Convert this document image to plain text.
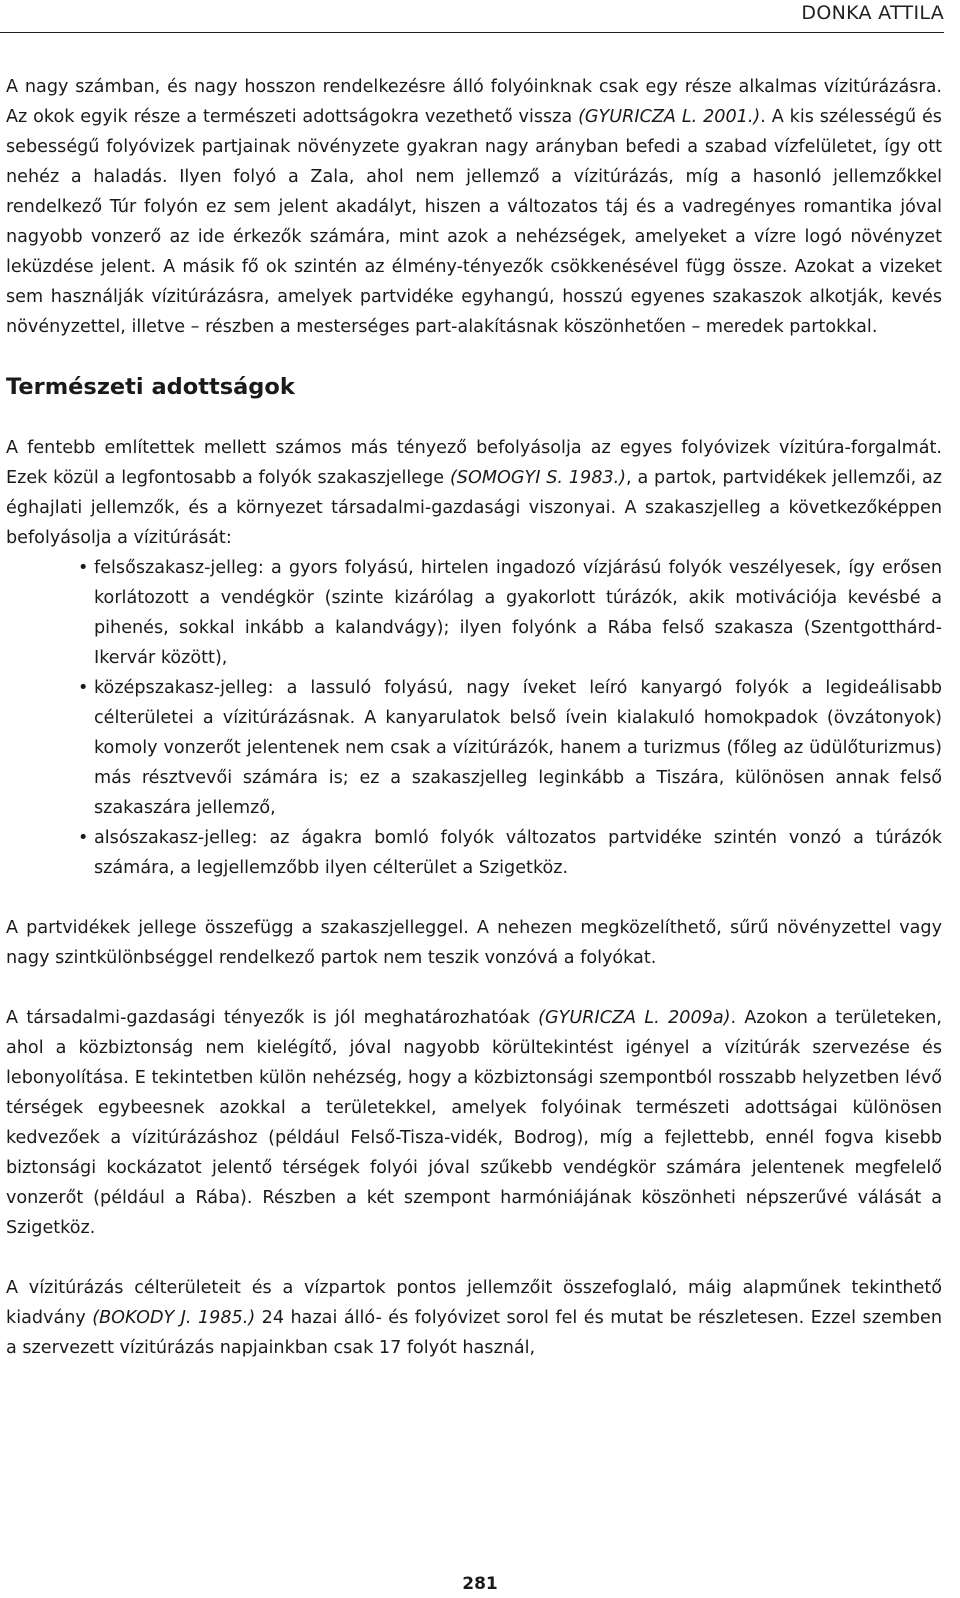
DONKA ATTILA

A nagy számban, és nagy hosszon rendelkezésre álló folyóinknak csak egy része alkalmas vízitúrázásra. Az okok egyik része a természeti adottságokra vezethető vissza (GYURICZA L. 2001.). A kis szélességű és sebességű folyóvizek partjainak növényzete gyakran nagy arányban befedi a szabad vízfelületet, így ott nehéz a haladás. Ilyen folyó a Zala, ahol nem jellemző a vízitúrázás, míg a hasonló jellemzőkkel rendelkező Túr folyón ez sem jelent akadályt, hiszen a változatos táj és a vadregényes romantika jóval nagyobb vonzerő az ide érkezők számára, mint azok a nehézségek, amelyeket a vízre logó növényzet leküzdése jelent. A másik fő ok szintén az élmény-tényezők csökkenésével függ össze. Azokat a vizeket sem használják vízitúrázásra, amelyek partvidéke egyhangú, hosszú egyenes szakaszok alkotják, kevés növényzettel, illetve – részben a mesterséges part-alakításnak köszönhetően – meredek partokkal.

Természeti adottságok

A fentebb említettek mellett számos más tényező befolyásolja az egyes folyóvizek vízitúra-forgalmát. Ezek közül a legfontosabb a folyók szakaszjellege (SOMOGYI S. 1983.), a partok, partvidékek jellemzői, az éghajlati jellemzők, és a környezet társadalmi-gazdasági viszonyai. A szakaszjelleg a következőképpen befolyásolja a vízitúrását:

• felsőszakasz-jelleg: a gyors folyású, hirtelen ingadozó vízjárású folyók veszélyesek, így erősen korlátozott a vendégkör (szinte kizárólag a gyakorlott túrázók, akik motivációja kevésbé a pihenés, sokkal inkább a kalandvágy); ilyen folyónk a Rába felső szakasza (Szentgotthárd-Ikervár között),
• középszakasz-jelleg: a lassuló folyású, nagy íveket leíró kanyargó folyók a legideálisabb célterületei a vízitúrázásnak. A kanyarulatok belső ívein kialakuló homokpadok (övzátonyok) komoly vonzerőt jelentenek nem csak a vízitúrázók, hanem a turizmus (főleg az üdülőturizmus) más résztvevői számára is; ez a szakaszjelleg leginkább a Tiszára, különösen annak felső szakaszára jellemző,
• alsószakasz-jelleg: az ágakra bomló folyók változatos partvidéke szintén vonzó a túrázók számára, a legjellemzőbb ilyen célterület a Szigetköz.

A partvidékek jellege összefügg a szakaszjelleggel. A nehezen megközelíthető, sűrű növényzettel vagy nagy szintkülönbséggel rendelkező partok nem teszik vonzóvá a folyókat.

A társadalmi-gazdasági tényezők is jól meghatározhatóak (GYURICZA L. 2009a). Azokon a területeken, ahol a közbiztonság nem kielégítő, jóval nagyobb körültekintést igényel a vízitúrák szervezése és lebonyolítása. E tekintetben külön nehézség, hogy a közbiztonsági szempontból rosszabb helyzetben lévő térségek egybeesnek azokkal a területekkel, amelyek folyóinak természeti adottságai különösen kedvezőek a vízitúrázáshoz (például Felső-Tisza-vidék, Bodrog), míg a fejlettebb, ennél fogva kisebb biztonsági kockázatot jelentő térségek folyói jóval szűkebb vendégkör számára jelentenek megfelelő vonzerőt (például a Rába). Részben a két szempont harmóniájának köszönheti népszerűvé válását a Szigetköz.

A vízitúrázás célterületeit és a vízpartok pontos jellemzőit összefoglaló, máig alapműnek tekinthető kiadvány (BOKODY J. 1985.) 24 hazai álló- és folyóvizet sorol fel és mutat be részletesen. Ezzel szemben a szervezett vízitúrázás napjainkban csak 17 folyót használ,

281
